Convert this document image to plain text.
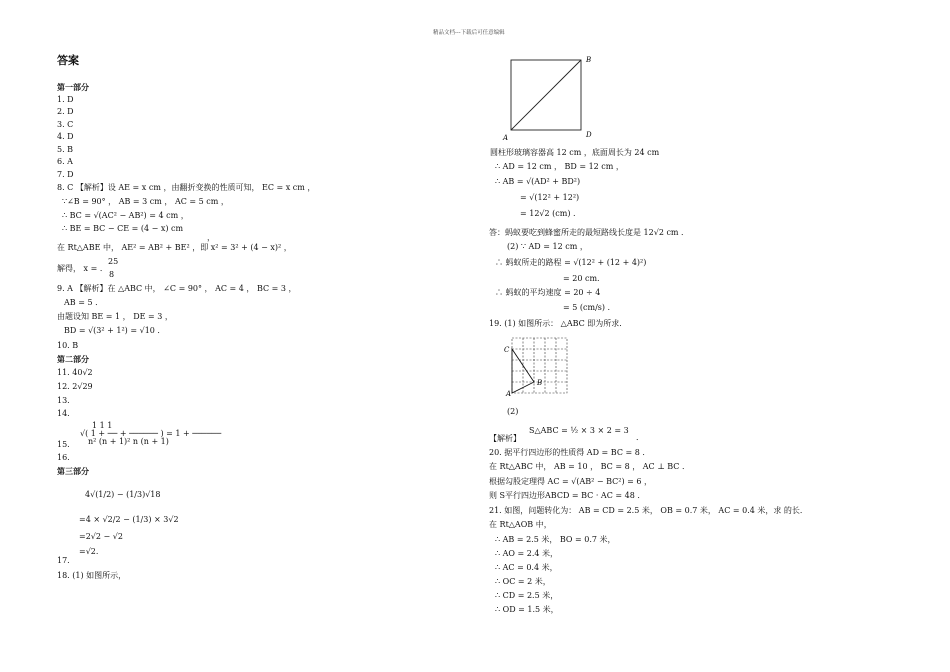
精品文档---下载后可任意编辑
答案
第一部分
1. D
2. D
3. C
4. D
5. B
6. A
7. D
8. C 【解析】设 AE = x cm ，由翻折变换的性质可知， EC = x cm ，
∵∠B = 90° ， AB = 3 cm ， AC = 5 cm ，
∴ BC = √(AC² − AB²) = 4 cm ，
∴ BE = BC − CE = (4 − x) cm
，
在 Rt△ABE 中， AE² = AB² + BE² ，即 x² = 3² + (4 − x)² ，
25
解得， x = ．
8
9. A 【解析】在 △ABC 中， ∠C = 90° ， AC = 4 ， BC = 3 ，
AB = 5 ．
由题设知 BE = 1 ， DE = 3 ，
BD = √(3² + 1²) = √10 ．
10. B
第二部分
11. 40√2
12. 2√29
13.
14.
1 1 1
√( 1 + ── + ────── ) = 1 + ──────
n² (n + 1)² n (n + 1)
15.
16.
第三部分
4√(1/2) − (1/3)√18
=4 × √2/2 − (1/3) × 3√2
=2√2 − √2
=√2.
17.
18. (1) 如图所示，
圆柱形玻璃容器高 12 cm ，底面周长为 24 cm
∴ AD = 12 cm ， BD = 12 cm ，
∴ AB = √(AD² + BD²)
= √(12² + 12²)
= 12√2 (cm) .
答：蚂蚁要吃到蜂蜜所走的最短路线长度是 12√2 cm ．
(2) ∵ AD = 12 cm ，
∴ 蚂蚁所走的路程 = √(12² + (12 + 4)²)
= 20 cm.
∴ 蚂蚁的平均速度 = 20 ÷ 4
= 5 (cm/s) .
19. (1) 如图所示： △ABC 即为所求．
(2)
【解析】
S△ABC = ½ × 3 × 2 = 3
．
20. 据平行四边形的性质得 AD = BC = 8 ．
在 Rt△ABC 中， AB = 10 ， BC = 8 ， AC ⊥ BC ．
根据勾股定理得 AC = √(AB² − BC²) = 6 ，
则 S平行四边形ABCD = BC · AC = 48 ．
21. 如图，问题转化为： AB = CD = 2.5 米， OB = 0.7 米， AC = 0.4 米，求 的长．
在 Rt△AOB 中，
∴ AB = 2.5 米， BO = 0.7 米，
∴ AO = 2.4 米，
∴ AC = 0.4 米，
∴ OC = 2 米，
∴ CD = 2.5 米，
∴ OD = 1.5 米，
B
A	D
C
A
B
